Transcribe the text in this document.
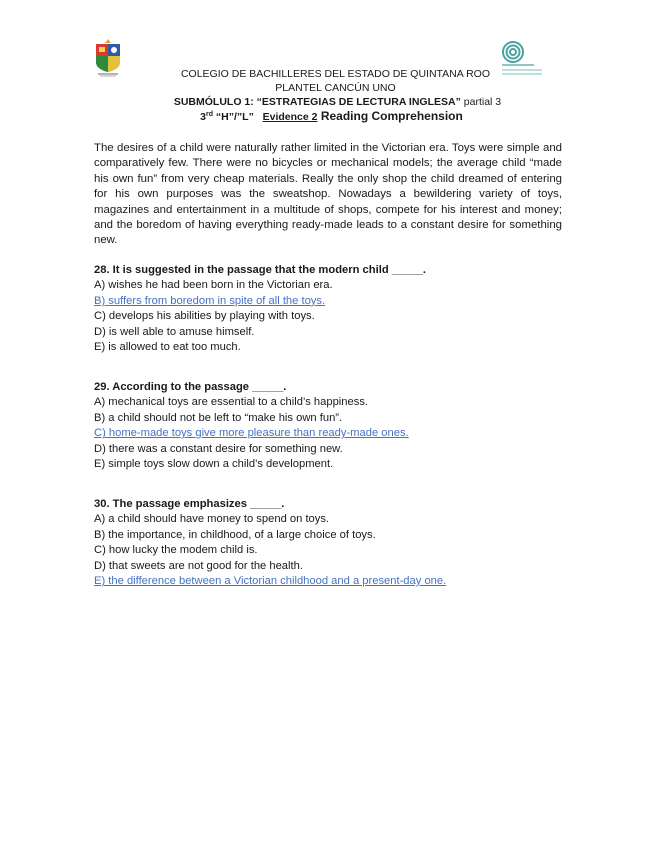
COLEGIO DE BACHILLERES DEL ESTADO DE QUINTANA ROO
PLANTEL CANCÚN UNO
SUBMÓLULO 1: “ESTRATEGIAS DE LECTURA INGLESA” partial 3
3rd “H”/”L” Evidence 2 Reading Comprehension

The desires of a child were naturally rather limited in the Victorian era. Toys were simple and comparatively few. There were no bicycles or mechanical models; the average child “made his own fun” from very cheap materials. Really the only shop the child dreamed of entering for his own purposes was the sweatshop. Nowadays a bewildering variety of toys, magazines and entertainment in a multitude of shops, compete for his interest and money; and the boredom of having everything ready-made leads to a constant desire for something new.

28. It is suggested in the passage that the modern child _____.
A) wishes he had been born in the Victorian era.
B) suffers from boredom in spite of all the toys.
C) develops his abilities by playing with toys.
D) is well able to amuse himself.
E) is allowed to eat too much.
29. According to the passage _____.
A) mechanical toys are essential to a child’s happiness.
B) a child should not be left to “make his own fun”.
C) home-made toys give more pleasure than ready-made ones.
D) there was a constant desire for something new.
E) simple toys slow down a child’s development.
30. The passage emphasizes _____.
A) a child should have money to spend on toys.
B) the importance, in childhood, of a large choice of toys.
C) how lucky the modem child is.
D) that sweets are not good for the health.
E) the difference between a Victorian childhood and a present-day one.
